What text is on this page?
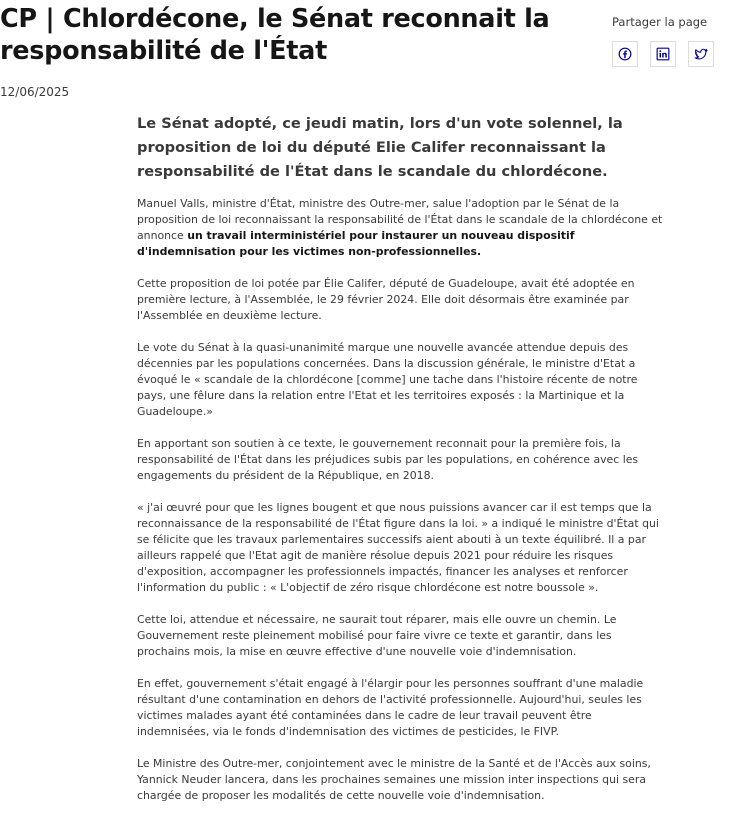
CP | Chlordécone, le Sénat reconnait la
responsabilité de l'État
Partager la page
12/06/2025

Le Sénat adopté, ce jeudi matin, lors d'un vote solennel, la proposition de loi du député Elie Califer reconnaissant la responsabilité de l'État dans le scandale du chlordécone.

Manuel Valls, ministre d'État, ministre des Outre-mer, salue l'adoption par le Sénat de la proposition de loi reconnaissant la responsabilité de l'État dans le scandale de la chlordécone et annonce un travail interministériel pour instaurer un nouveau dispositif d'indemnisation pour les victimes non-professionnelles.

Cette proposition de loi potée par Élie Califer, député de Guadeloupe, avait été adoptée en première lecture, à l'Assemblée, le 29 février 2024. Elle doit désormais être examinée par l'Assemblée en deuxième lecture.

Le vote du Sénat à la quasi-unanimité marque une nouvelle avancée attendue depuis des décennies par les populations concernées. Dans la discussion générale, le ministre d'Etat a évoqué le « scandale de la chlordécone [comme] une tache dans l'histoire récente de notre pays, une fêlure dans la relation entre l'Etat et les territoires exposés : la Martinique et la Guadeloupe.»

En apportant son soutien à ce texte, le gouvernement reconnait pour la première fois, la responsabilité de l'État dans les préjudices subis par les populations, en cohérence avec les engagements du président de la République, en 2018.

« j'ai œuvré pour que les lignes bougent et que nous puissions avancer car il est temps que la reconnaissance de la responsabilité de l'État figure dans la loi. » a indiqué le ministre d'État qui se félicite que les travaux parlementaires successifs aient abouti à un texte équilibré. Il a par ailleurs rappelé que l'Etat agit de manière résolue depuis 2021 pour réduire les risques d'exposition, accompagner les professionnels impactés, financer les analyses et renforcer l'information du public : « L'objectif de zéro risque chlordécone est notre boussole ».

Cette loi, attendue et nécessaire, ne saurait tout réparer, mais elle ouvre un chemin. Le Gouvernement reste pleinement mobilisé pour faire vivre ce texte et garantir, dans les prochains mois, la mise en œuvre effective d'une nouvelle voie d'indemnisation.

En effet, gouvernement s'était engagé à l'élargir pour les personnes souffrant d'une maladie résultant d'une contamination en dehors de l'activité professionnelle. Aujourd'hui, seules les victimes malades ayant été contaminées dans le cadre de leur travail peuvent être indemnisées, via le fonds d'indemnisation des victimes de pesticides, le FIVP.

Le Ministre des Outre-mer, conjointement avec le ministre de la Santé et de l'Accès aux soins, Yannick Neuder lancera, dans les prochaines semaines une mission inter inspections qui sera chargée de proposer les modalités de cette nouvelle voie d'indemnisation.
